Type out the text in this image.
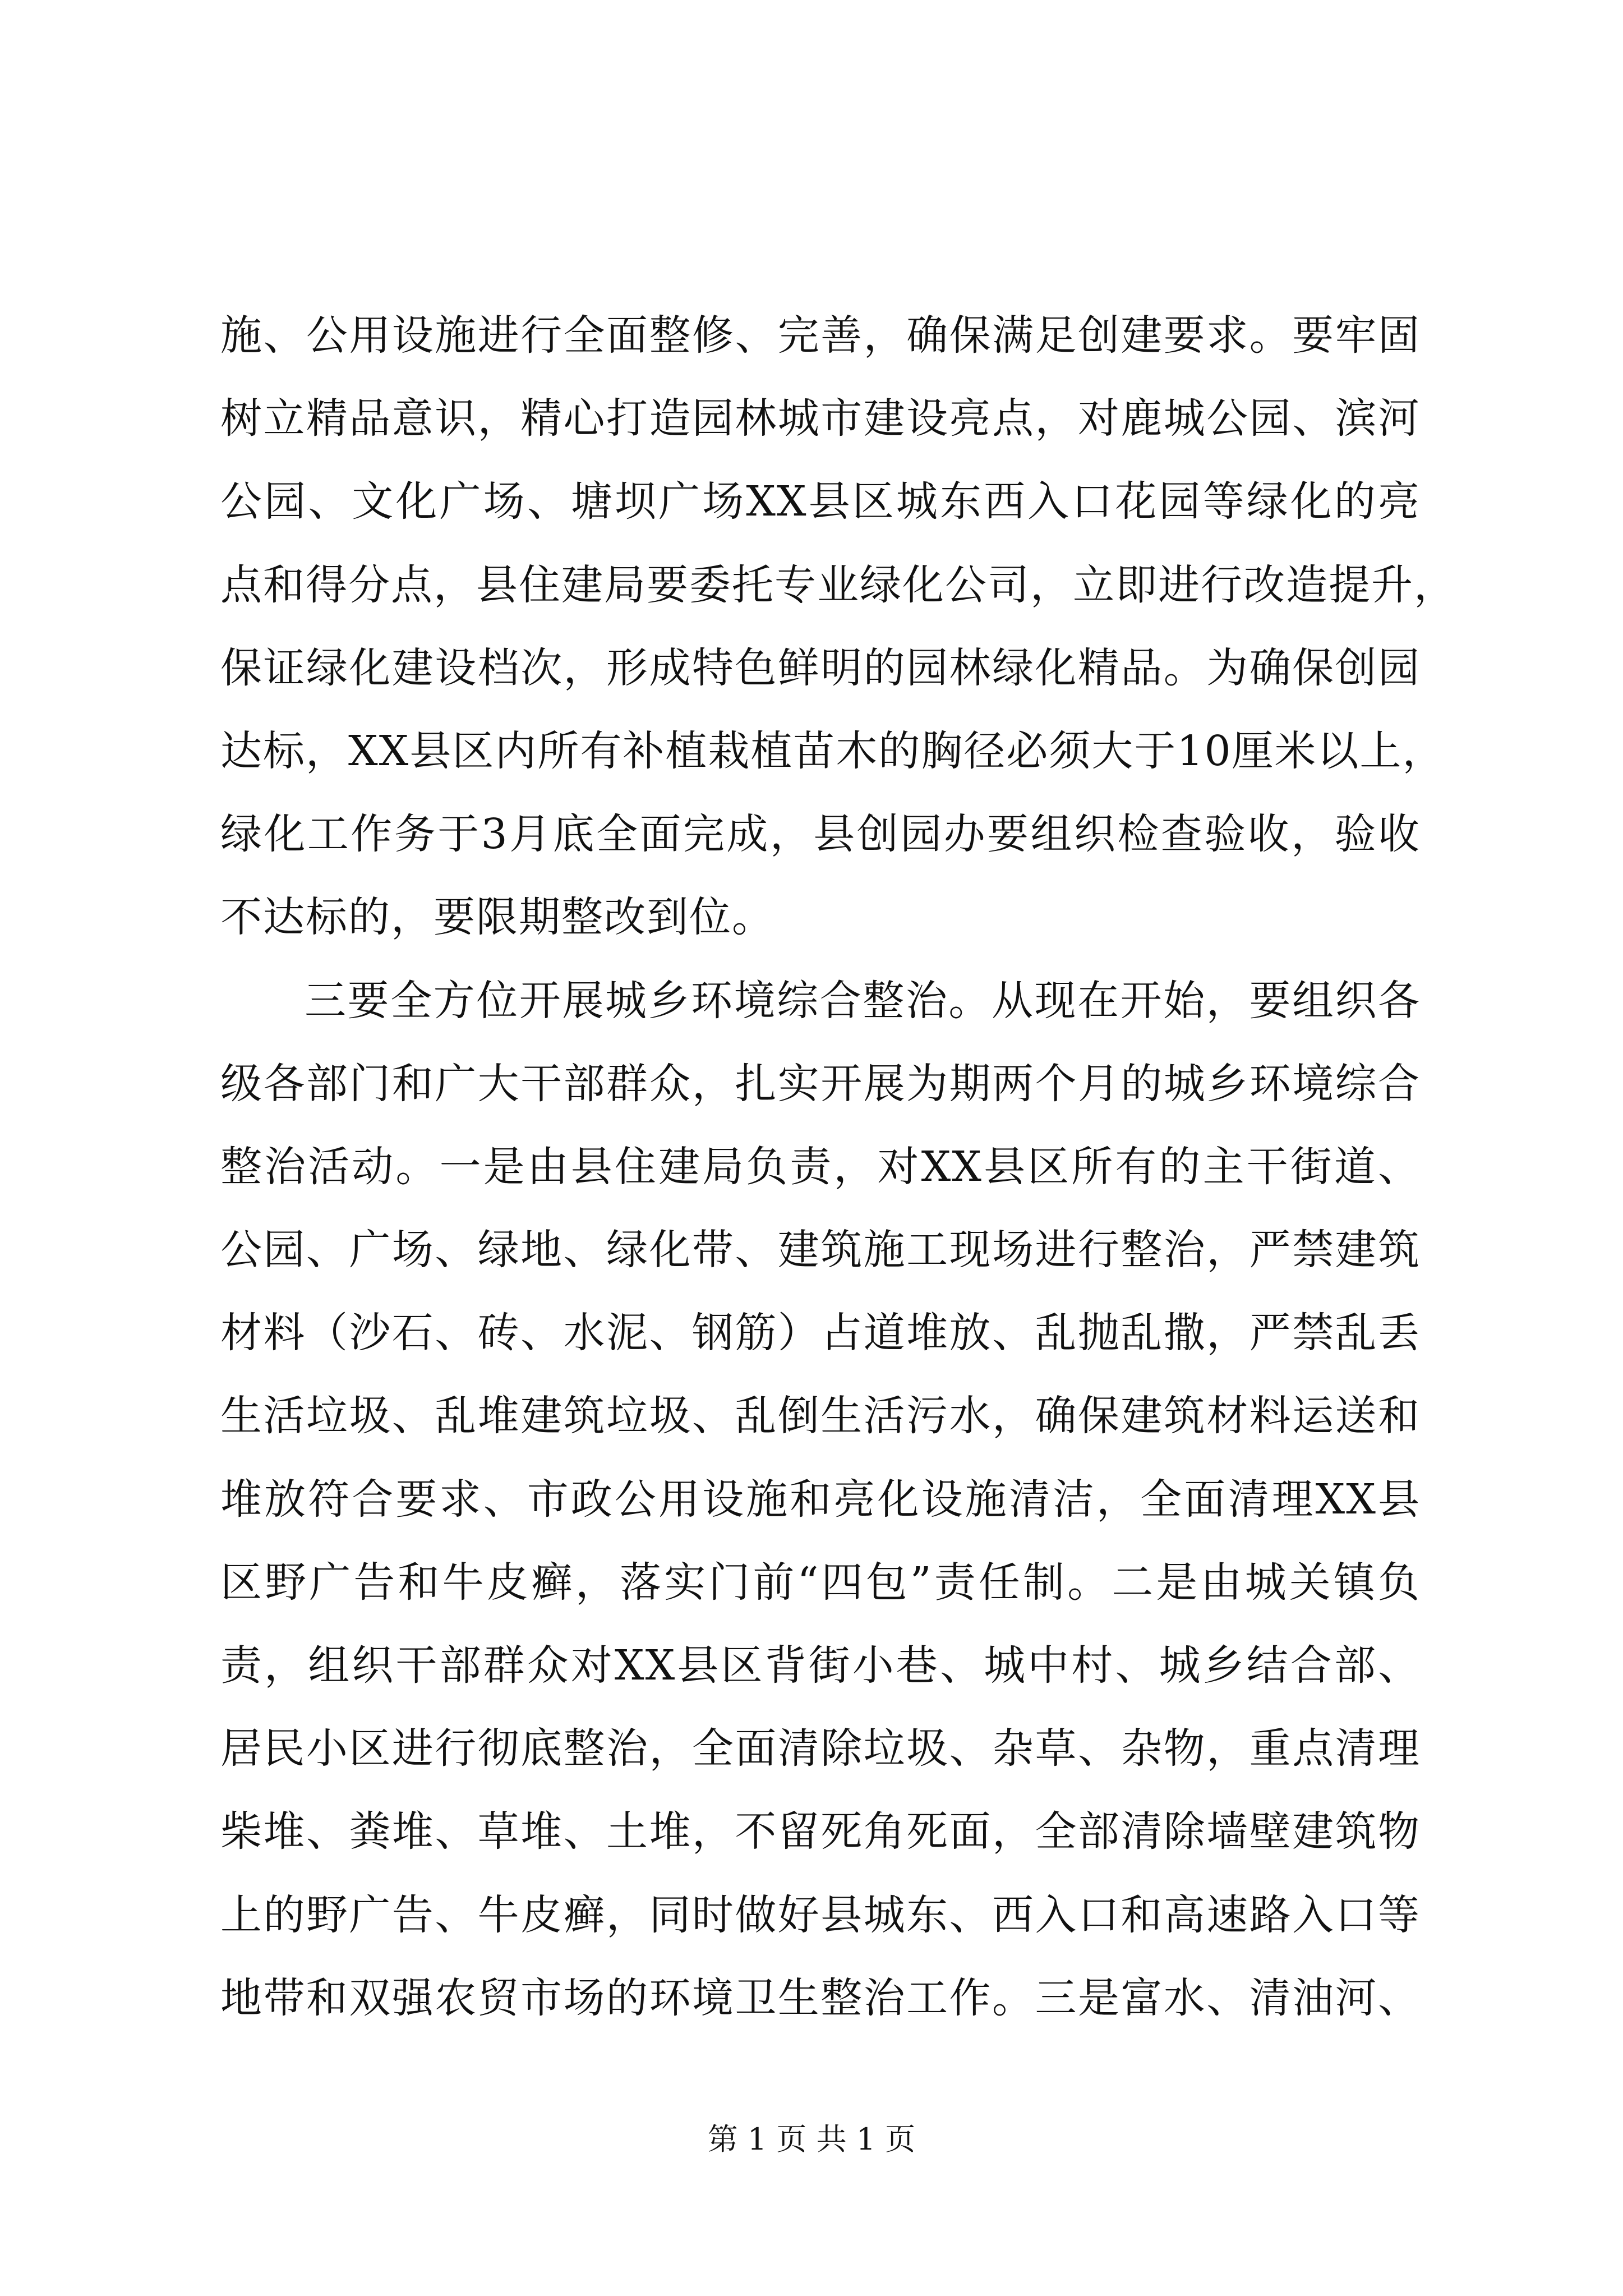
施、公用设施进行全面整修、完善，确保满足创建要求。要牢固
树立精品意识，精心打造园林城市建设亮点，对鹿城公园、滨河
公园、文化广场、塘坝广场XX县区城东西入口花园等绿化的亮
点和得分点，县住建局要委托专业绿化公司，立即进行改造提升，
保证绿化建设档次，形成特色鲜明的园林绿化精品。为确保创园
达标，XX县区内所有补植栽植苗木的胸径必须大于10厘米以上，
绿化工作务于3月底全面完成，县创园办要组织检查验收，验收
不达标的，要限期整改到位。
三要全方位开展城乡环境综合整治。从现在开始，要组织各
级各部门和广大干部群众，扎实开展为期两个月的城乡环境综合
整治活动。一是由县住建局负责，对XX县区所有的主干街道、
公园、广场、绿地、绿化带、建筑施工现场进行整治，严禁建筑
材料（沙石、砖、水泥、钢筋）占道堆放、乱抛乱撒，严禁乱丢
生活垃圾、乱堆建筑垃圾、乱倒生活污水，确保建筑材料运送和
堆放符合要求、市政公用设施和亮化设施清洁，全面清理XX县
区野广告和牛皮癣，落实门前“四包”责任制。二是由城关镇负
责，组织干部群众对XX县区背街小巷、城中村、城乡结合部、
居民小区进行彻底整治，全面清除垃圾、杂草、杂物，重点清理
柴堆、粪堆、草堆、土堆，不留死角死面，全部清除墙壁建筑物
上的野广告、牛皮癣，同时做好县城东、西入口和高速路入口等
地带和双强农贸市场的环境卫生整治工作。三是富水、清油河、
第 1 页 共 1 页
